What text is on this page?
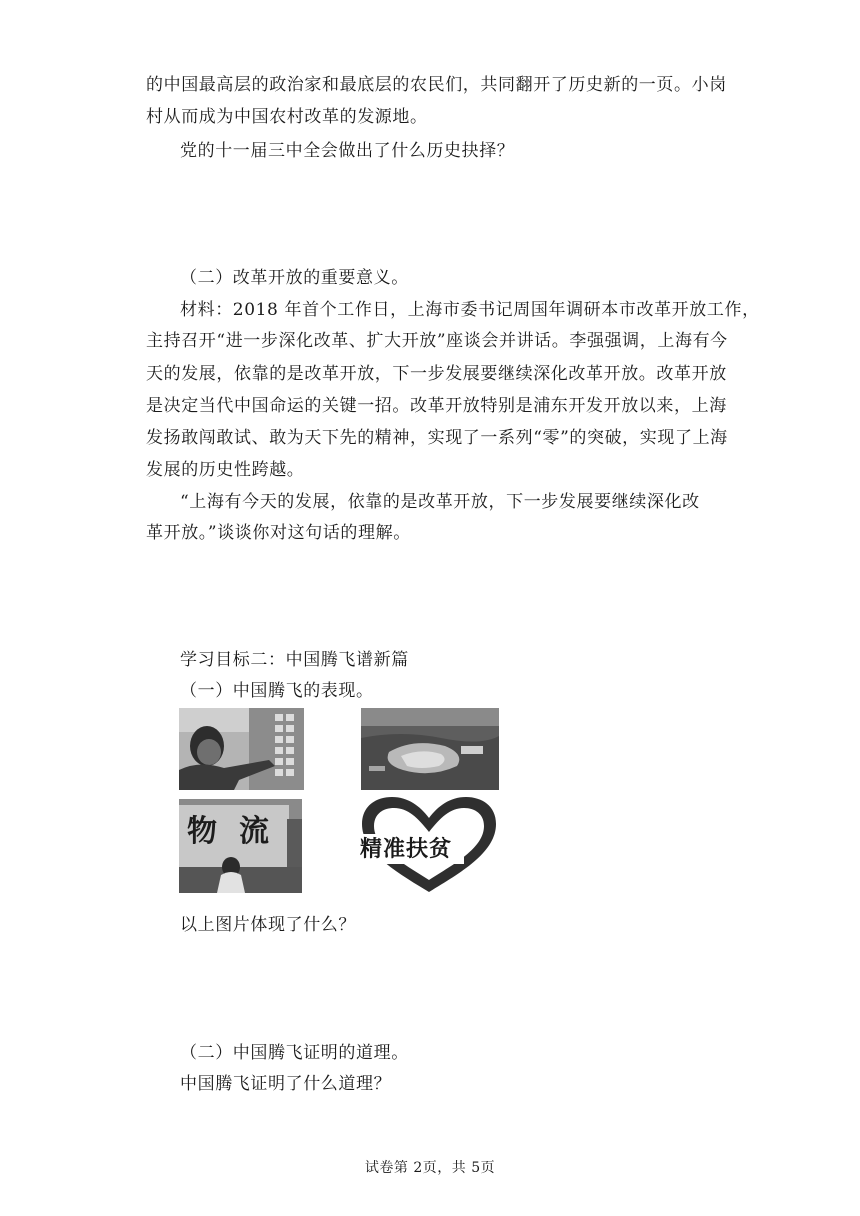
的中国最高层的政治家和最底层的农民们，共同翻开了历史新的一页。小岗
村从而成为中国农村改革的发源地。
党的十一届三中全会做出了什么历史抉择？
（二）改革开放的重要意义。
材料：2018 年首个工作日，上海市委书记周国年调研本市改革开放工作，
主持召开“进一步深化改革、扩大开放”座谈会并讲话。李强强调，上海有今
天的发展，依靠的是改革开放，下一步发展要继续深化改革开放。改革开放
是决定当代中国命运的关键一招。改革开放特别是浦东开发开放以来，上海
发扬敢闯敢试、敢为天下先的精神，实现了一系列“零”的突破，实现了上海
发展的历史性跨越。
“上海有今天的发展，依靠的是改革开放，下一步发展要继续深化改
革开放。”谈谈你对这句话的理解。
学习目标二：中国腾飞谱新篇
（一）中国腾飞的表现。
物 流
精准扶贫
以上图片体现了什么？
（二）中国腾飞证明的道理。
中国腾飞证明了什么道理？
试卷第 2页，共 5页
